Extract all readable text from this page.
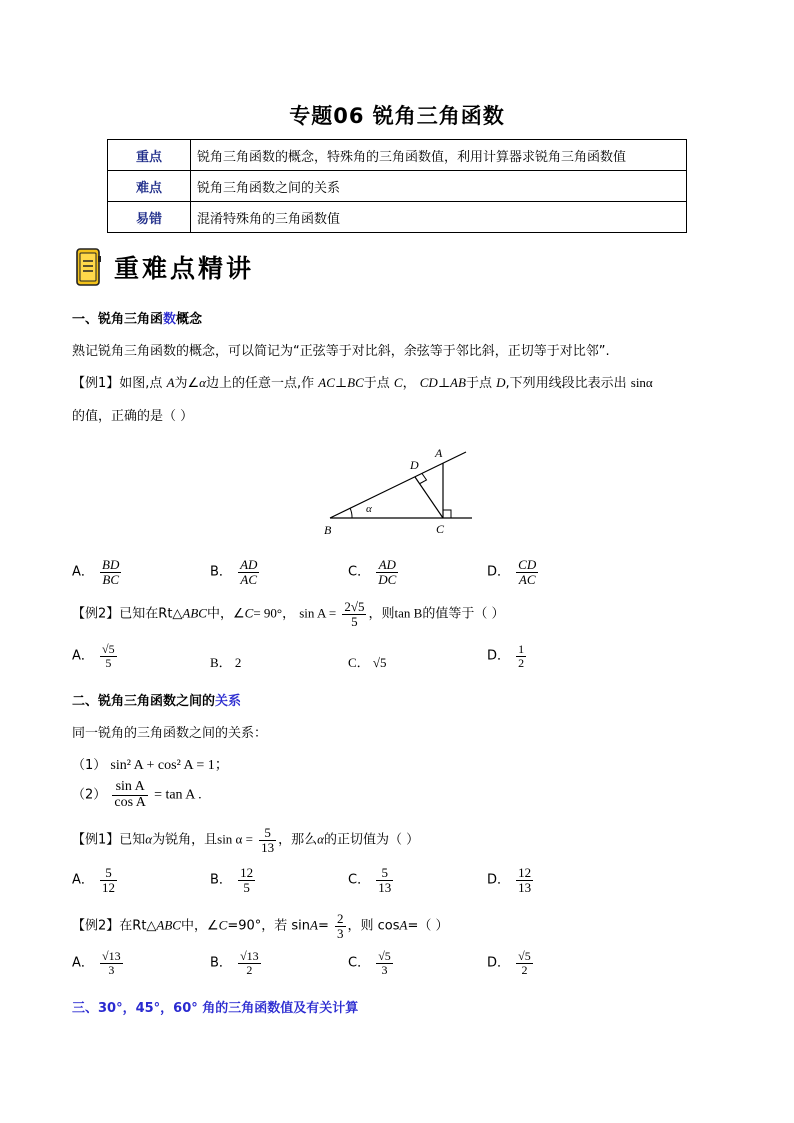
专题06 锐角三角函数
重点	锐角三角函数的概念，特殊角的三角函数值，利用计算器求锐角三角函数值
难点	锐角三角函数之间的关系
易错	混淆特殊角的三角函数值
重难点精讲
一、锐角三角函数概念
熟记锐角三角函数的概念，可以简记为“正弦等于对比斜，余弦等于邻比斜，正切等于对比邻”.
【例1】如图,点 A为∠α边上的任意一点,作 AC⊥BC于点 C， CD⊥AB于点 D,下列用线段比表示出 sinα
的值，正确的是（ ）
A
B	C
D
α
A． $\frac{BD}{BC}$	B． $\frac{AD}{AC}$	C． $\frac{AD}{DC}$	D． $\frac{CD}{AC}$
【例2】已知在Rt△ABC中，∠C= 90°， $\sin A = \frac{2√5}{5}$ ，则tan B的值等于（ ）
A． $\frac{√5}{5}$	B． 2	C． √5	D． $\frac{1}{2}$
二、锐角三角函数之间的关系
同一锐角的三角函数之间的关系：
（1） sin² A + cos² A = 1；
$(2) \frac{\text{sin A}}{\text{cos A}} = \tan A$ .
【例1】已知α为锐角，且$\sin \alpha = \frac{5}{13}$ ，那么α的正切值为（ ）
A． $\frac{5}{12}$	B． $\frac{12}{5}$	C． $\frac{5}{13}$	D． $\frac{12}{13}$
【例2】在Rt△ABC中，∠C=90°，若 $\sin A= \frac{2}{3}$ ，则 cosA=（ ）
A． $\frac{√13}{3}$	B． $\frac{√13}{2}$	C． $\frac{√5}{3}$	D． $\frac{√5}{2}$
三、30°，45°，60° 角的三角函数值及有关计算
